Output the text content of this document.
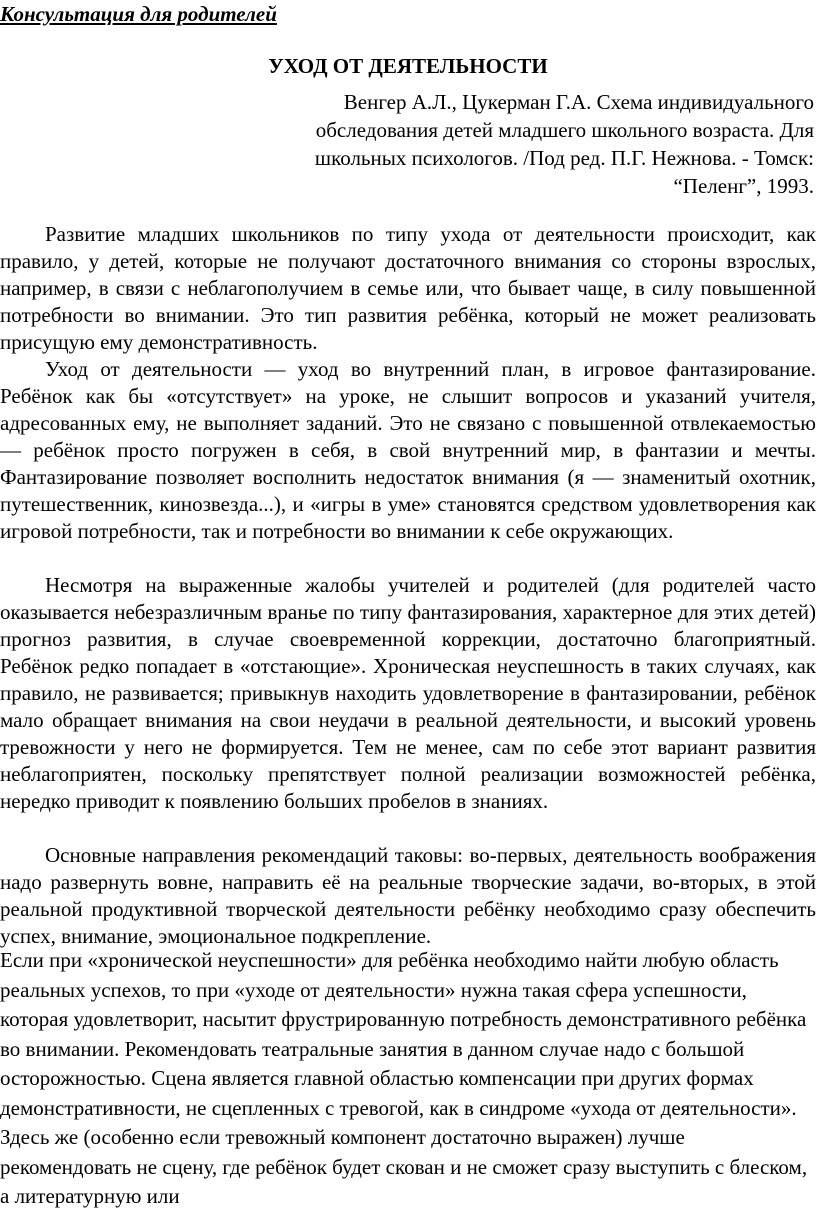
Консультация для родителей
УХОД ОТ ДЕЯТЕЛЬНОСТИ
Венгер А.Л., Цукерман Г.А. Схема индивидуального
обследования детей младшего школьного возраста. Для
школьных психологов. /Под ред. П.Г. Нежнова. - Томск:
“Пеленг”, 1993.

Развитие младших школьников по типу ухода от деятельности происходит, как правило, у детей, которые не получают достаточного внимания со стороны взрослых, например, в связи с неблагополучием в семье или, что бывает чаще, в силу повышенной потребности во внимании. Это тип развития ребёнка, который не может реализовать присущую ему демонстративность.

Уход от деятельности — уход во внутренний план, в игровое фантазирование. Ребёнок как бы «отсутствует» на уроке, не слышит вопросов и указаний учителя, адресованных ему, не выполняет заданий. Это не связано с повышенной отвлекаемостью — ребёнок просто погружен в себя, в свой внутренний мир, в фантазии и мечты. Фантазирование позволяет восполнить недостаток внимания (я — знаменитый охотник, путешественник, кинозвезда...), и «игры в уме» становятся средством удовлетворения как игровой потребности, так и потребности во внимании к себе окружающих.

Несмотря на выраженные жалобы учителей и родителей (для родителей часто оказывается небезразличным вранье по типу фантазирования, характерное для этих детей) прогноз развития, в случае своевременной коррекции, достаточно благоприятный. Ребёнок редко попадает в «отстающие». Хроническая неуспешность в таких случаях, как правило, не развивается; привыкнув находить удовлетворение в фантазировании, ребёнок мало обращает внимания на свои неудачи в реальной деятельности, и высокий уровень тревожности у него не формируется. Тем не менее, сам по себе этот вариант развития неблагоприятен, поскольку препятствует полной реализации возможностей ребёнка, нередко приводит к появлению больших пробелов в знаниях.

Основные направления рекомендаций таковы: во-первых, деятельность воображения надо развернуть вовне, направить её на реальные творческие задачи, во-вторых, в этой реальной продуктивной творческой деятельности ребёнку необходимо сразу обеспечить успех, внимание, эмоциональное подкрепление.

Если при «хронической неуспешности» для ребёнка необходимо найти любую область реальных успехов, то при «уходе от деятельности» нужна такая сфера успешности, которая удовлетворит, насытит фрустрированную потребность демонстративного ребёнка во внимании. Рекомендовать театральные занятия в данном случае надо с большой осторожностью. Сцена является главной областью компенсации при других формах демонстративности, не сцепленных с тревогой, как в синдроме «ухода от деятельности». Здесь же (особенно если тревожный компонент достаточно выражен) лучше рекомендовать не сцену, где ребёнок будет скован и не сможет сразу выступить с блеском, а литературную или
